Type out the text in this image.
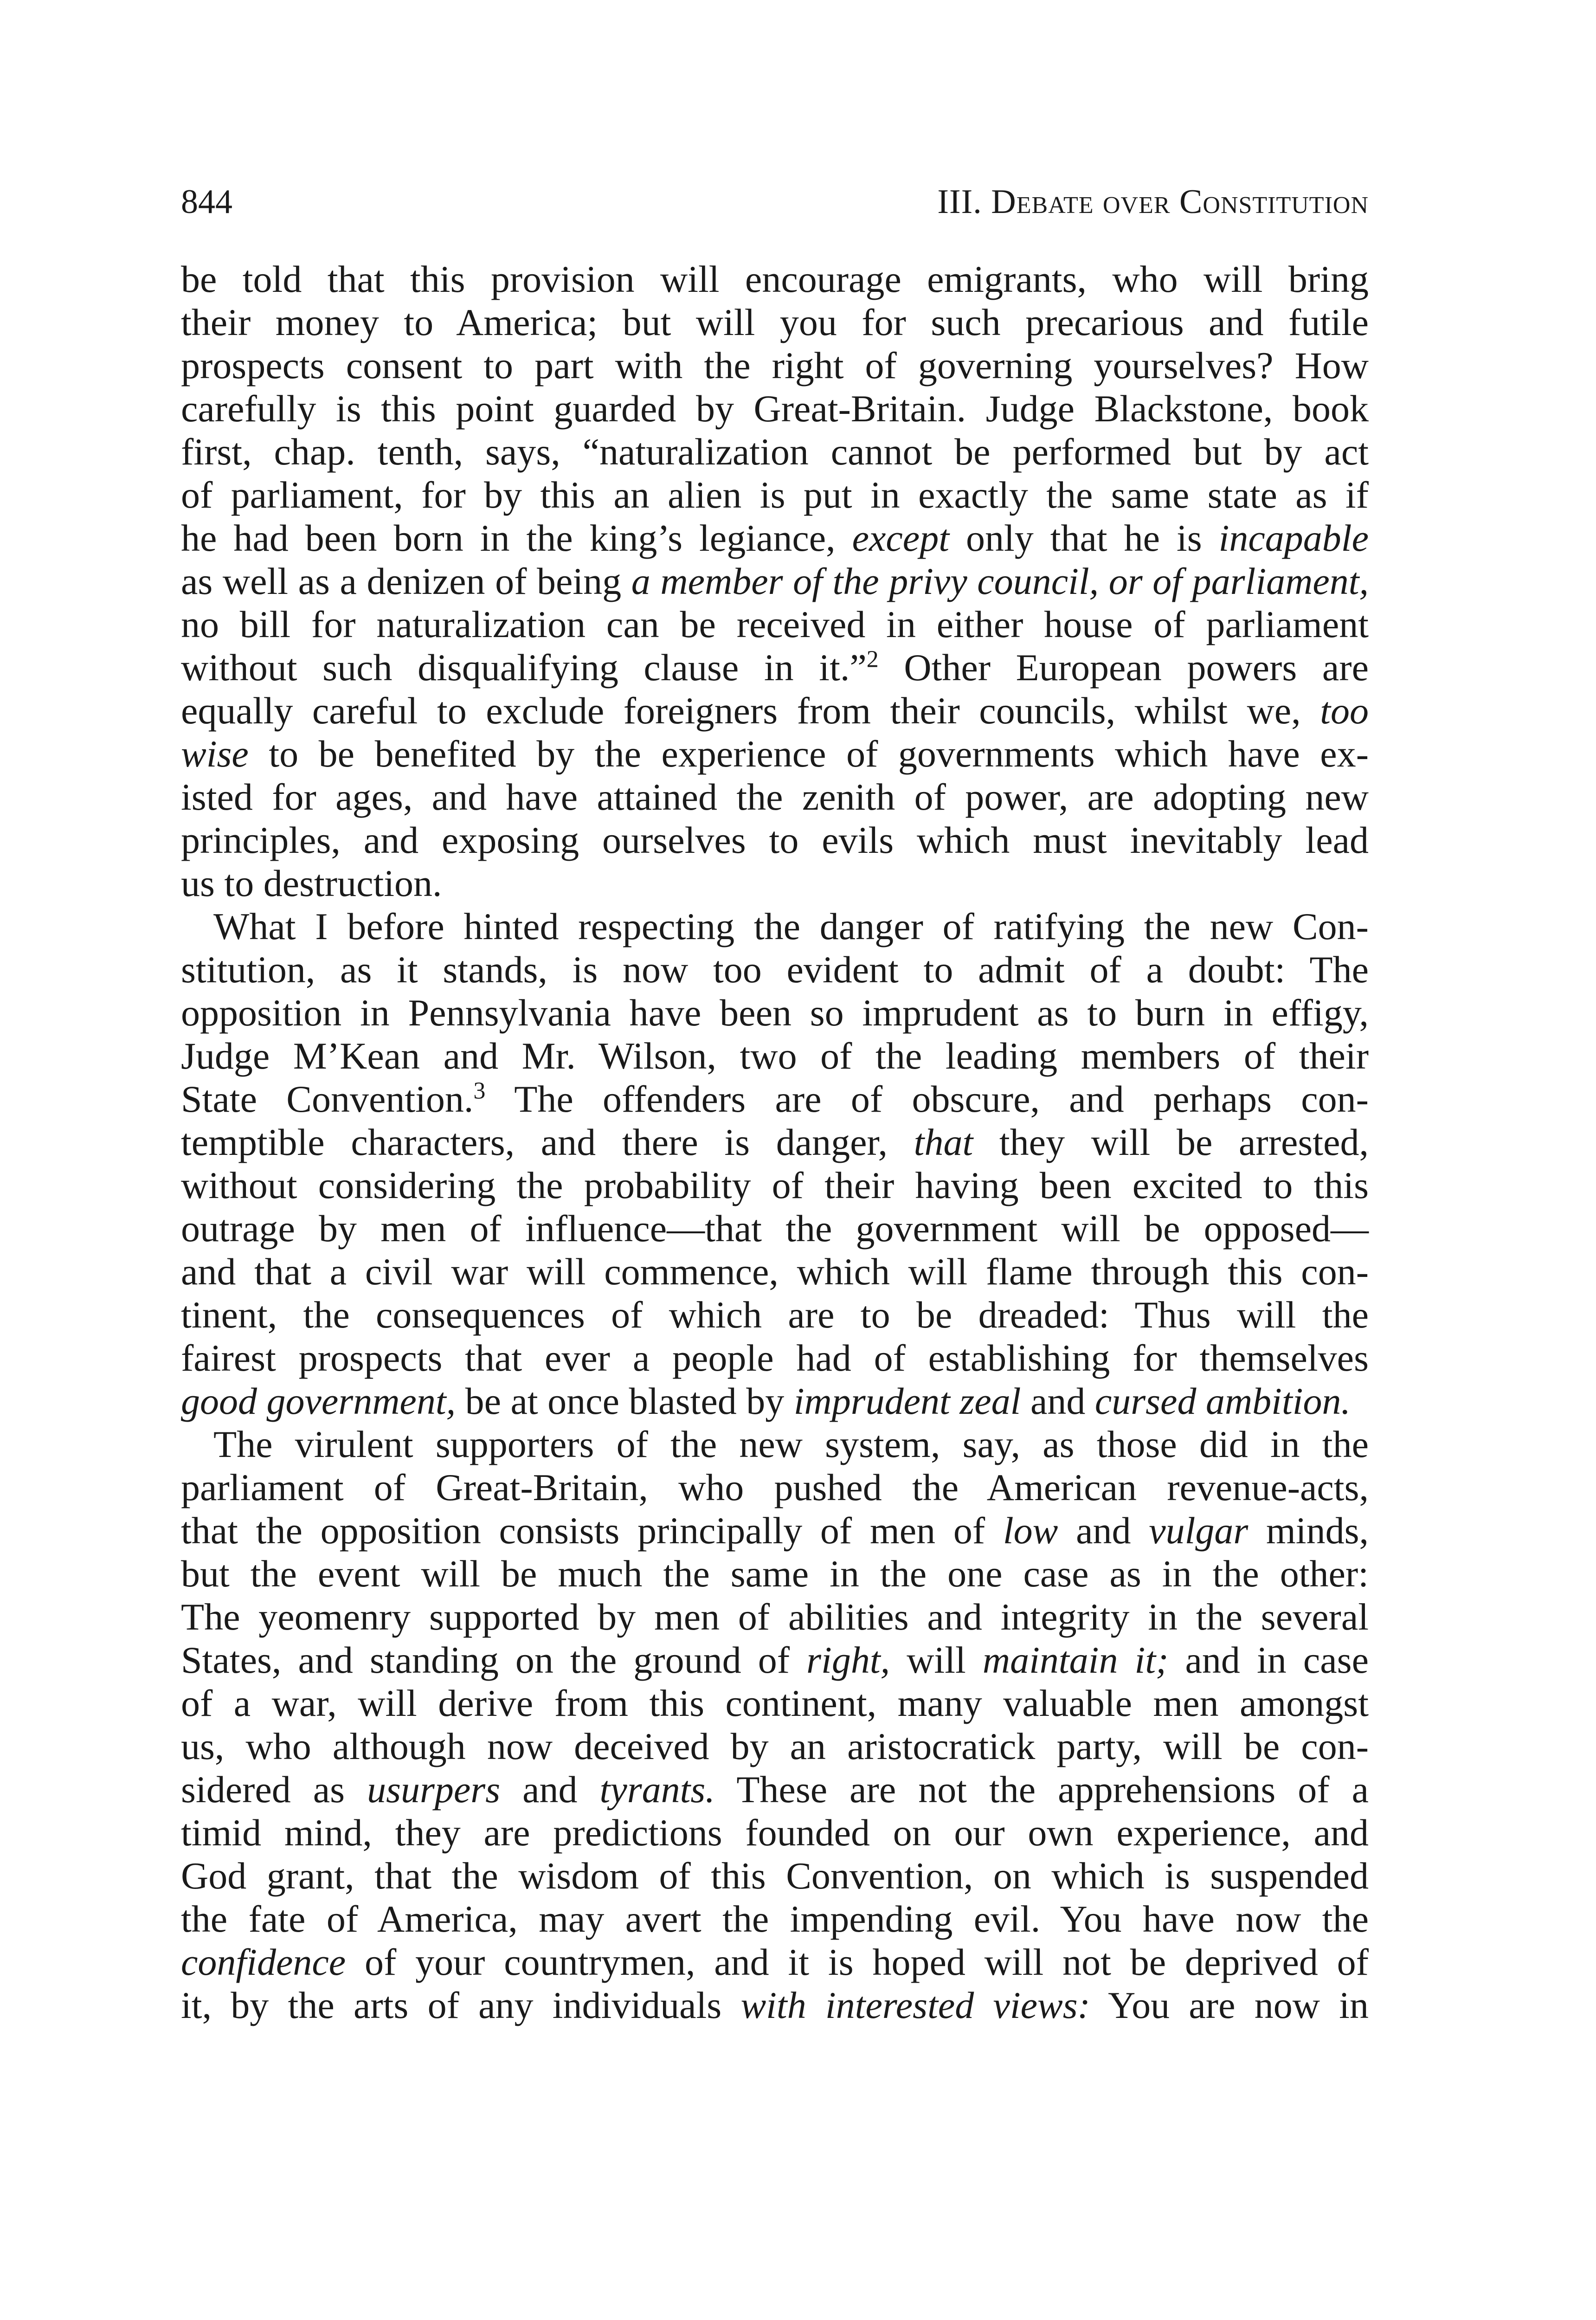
844	III. Debate over Constitution
be told that this provision will encourage emigrants, who will bring
their money to America; but will you for such precarious and futile
prospects consent to part with the right of governing yourselves? How
carefully is this point guarded by Great-Britain. Judge Blackstone, book
first, chap. tenth, says, “naturalization cannot be performed but by act
of parliament, for by this an alien is put in exactly the same state as if
he had been born in the king’s legiance, except only that he is incapable
as well as a denizen of being a member of the privy council, or of parliament,
no bill for naturalization can be received in either house of parliament
without such disqualifying clause in it.”$^2$ Other European powers are
equally careful to exclude foreigners from their councils, whilst we, too
wise to be benefited by the experience of governments which have ex-
isted for ages, and have attained the zenith of power, are adopting new
principles, and exposing ourselves to evils which must inevitably lead
us to destruction.
What I before hinted respecting the danger of ratifying the new Con-
stitution, as it stands, is now too evident to admit of a doubt: The
opposition in Pennsylvania have been so imprudent as to burn in effigy,
Judge M’Kean and Mr. Wilson, two of the leading members of their
State Convention.$^3$ The offenders are of obscure, and perhaps con-
temptible characters, and there is danger, that they will be arrested,
without considering the probability of their having been excited to this
outrage by men of influence—that the government will be opposed—
and that a civil war will commence, which will flame through this con-
tinent, the consequences of which are to be dreaded: Thus will the
fairest prospects that ever a people had of establishing for themselves
good government, be at once blasted by imprudent zeal and cursed ambition.
The virulent supporters of the new system, say, as those did in the
parliament of Great-Britain, who pushed the American revenue-acts,
that the opposition consists principally of men of low and vulgar minds,
but the event will be much the same in the one case as in the other:
The yeomenry supported by men of abilities and integrity in the several
States, and standing on the ground of right, will maintain it; and in case
of a war, will derive from this continent, many valuable men amongst
us, who although now deceived by an aristocratick party, will be con-
sidered as usurpers and tyrants. These are not the apprehensions of a
timid mind, they are predictions founded on our own experience, and
God grant, that the wisdom of this Convention, on which is suspended
the fate of America, may avert the impending evil. You have now the
confidence of your countrymen, and it is hoped will not be deprived of
it, by the arts of any individuals with interested views: You are now in
